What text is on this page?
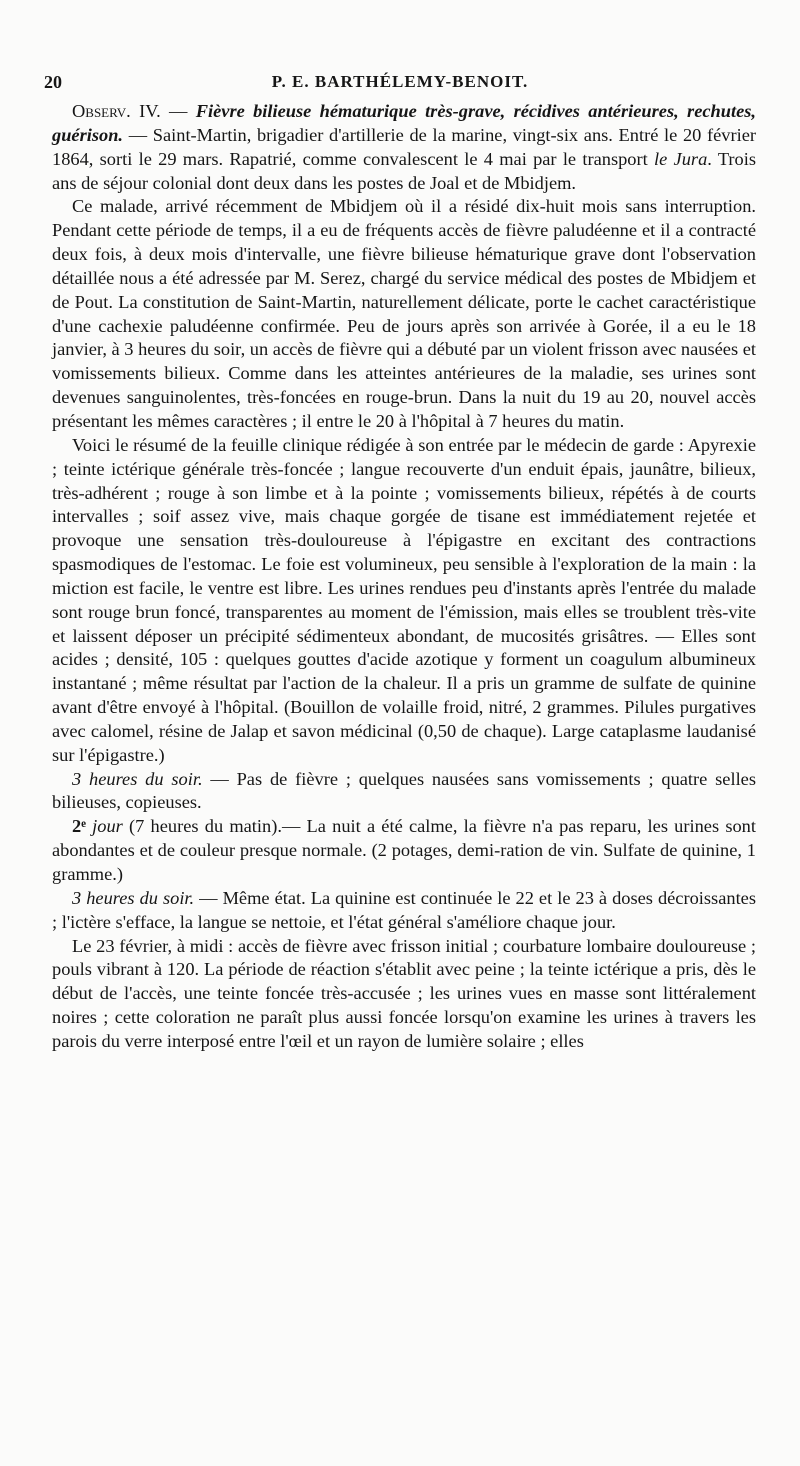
20	P. E. BARTHÉLEMY-BENOIT.

Observ. IV. — Fièvre bilieuse hématurique très-grave, récidives antérieures, rechutes, guérison. — Saint-Martin, brigadier d'artillerie de la marine, vingt-six ans. Entré le 20 février 1864, sorti le 29 mars. Rapatrié, comme convalescent le 4 mai par le transport le Jura. Trois ans de séjour colonial dont deux dans les postes de Joal et de Mbidjem.

Ce malade, arrivé récemment de Mbidjem où il a résidé dix-huit mois sans interruption. Pendant cette période de temps, il a eu de fréquents accès de fièvre paludéenne et il a contracté deux fois, à deux mois d'intervalle, une fièvre bilieuse hématurique grave dont l'observation détaillée nous a été adressée par M. Serez, chargé du service médical des postes de Mbidjem et de Pout. La constitution de Saint-Martin, naturellement délicate, porte le cachet caractéristique d'une cachexie paludéenne confirmée. Peu de jours après son arrivée à Gorée, il a eu le 18 janvier, à 3 heures du soir, un accès de fièvre qui a débuté par un violent frisson avec nausées et vomissements bilieux. Comme dans les atteintes antérieures de la maladie, ses urines sont devenues sanguinolentes, très-foncées en rouge-brun. Dans la nuit du 19 au 20, nouvel accès présentant les mêmes caractères ; il entre le 20 à l'hôpital à 7 heures du matin.

Voici le résumé de la feuille clinique rédigée à son entrée par le médecin de garde : Apyrexie ; teinte ictérique générale très-foncée ; langue recouverte d'un enduit épais, jaunâtre, bilieux, très-adhérent ; rouge à son limbe et à la pointe ; vomissements bilieux, répétés à de courts intervalles ; soif assez vive, mais chaque gorgée de tisane est immédiatement rejetée et provoque une sensation très-douloureuse à l'épigastre en excitant des contractions spasmodiques de l'estomac. Le foie est volumineux, peu sensible à l'exploration de la main : la miction est facile, le ventre est libre. Les urines rendues peu d'instants après l'entrée du malade sont rouge brun foncé, transparentes au moment de l'émission, mais elles se troublent très-vite et laissent déposer un précipité sédimenteux abondant, de mucosités grisâtres. — Elles sont acides ; densité, 105 : quelques gouttes d'acide azotique y forment un coagulum albumineux instantané ; même résultat par l'action de la chaleur. Il a pris un gramme de sulfate de quinine avant d'être envoyé à l'hôpital. (Bouillon de volaille froid, nitré, 2 grammes. Pilules purgatives avec calomel, résine de Jalap et savon médicinal (0,50 de chaque). Large cataplasme laudanisé sur l'épigastre.)

3 heures du soir. — Pas de fièvre ; quelques nausées sans vomissements ; quatre selles bilieuses, copieuses.

2ᵉ jour (7 heures du matin).— La nuit a été calme, la fièvre n'a pas reparu, les urines sont abondantes et de couleur presque normale. (2 potages, demi-ration de vin. Sulfate de quinine, 1 gramme.)

3 heures du soir. — Même état. La quinine est continuée le 22 et le 23 à doses décroissantes ; l'ictère s'efface, la langue se nettoie, et l'état général s'améliore chaque jour.

Le 23 février, à midi : accès de fièvre avec frisson initial ; courbature lombaire douloureuse ; pouls vibrant à 120. La période de réaction s'établit avec peine ; la teinte ictérique a pris, dès le début de l'accès, une teinte foncée très-accusée ; les urines vues en masse sont littéralement noires ; cette coloration ne paraît plus aussi foncée lorsqu'on examine les urines à travers les parois du verre interposé entre l'œil et un rayon de lumière solaire ; elles
